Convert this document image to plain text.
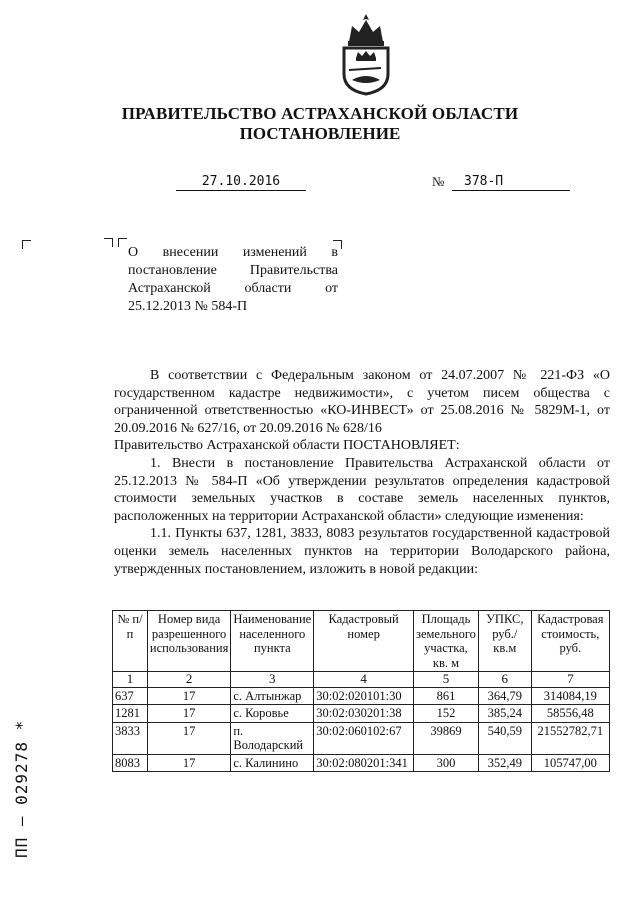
ПРАВИТЕЛЬСТВО АСТРАХАНСКОЙ ОБЛАСТИ
ПОСТАНОВЛЕНИЕ
27.10.2016	№	378-П
О внесении изменений в постановление Правительства Астраханской области от 25.12.2013 № 584-П

В соответствии с Федеральным законом от 24.07.2007 № 221-ФЗ «О государственном кадастре недвижимости», с учетом писем общества с ограниченной ответственностью «КО-ИНВЕСТ» от 25.08.2016 № 5829М-1, от 20.09.2016 № 627/16, от 20.09.2016 № 628/16

Правительство Астраханской области ПОСТАНОВЛЯЕТ:

1. Внести в постановление Правительства Астраханской области от 25.12.2013 № 584-П «Об утверждении результатов определения кадастровой стоимости земельных участков в составе земель населенных пунктов, расположенных на территории Астраханской области» следующие изменения:

1.1. Пункты 637, 1281, 3833, 8083 результатов государственной кадастровой оценки земель населенных пунктов на территории Володарского района, утвержденных постановлением, изложить в новой редакции:

№ п/п	Номер вида разрешенного использования	Наименование населенного пункта	Кадастровый номер	Площадь земельного участка, кв. м	УПКС, руб./кв.м	Кадастровая стоимость, руб.
1	2	3	4	5	6	7
637	17	с. Алтынжар	30:02:020101:30	861	364,79	314084,19
1281	17	с. Коровье	30:02:030201:38	152	385,24	58556,48
3833	17	п. Володарский	30:02:060102:67	39869	540,59	21552782,71
8083	17	с. Калинино	30:02:080201:341	300	352,49	105747,00
ПП – 029278 *
